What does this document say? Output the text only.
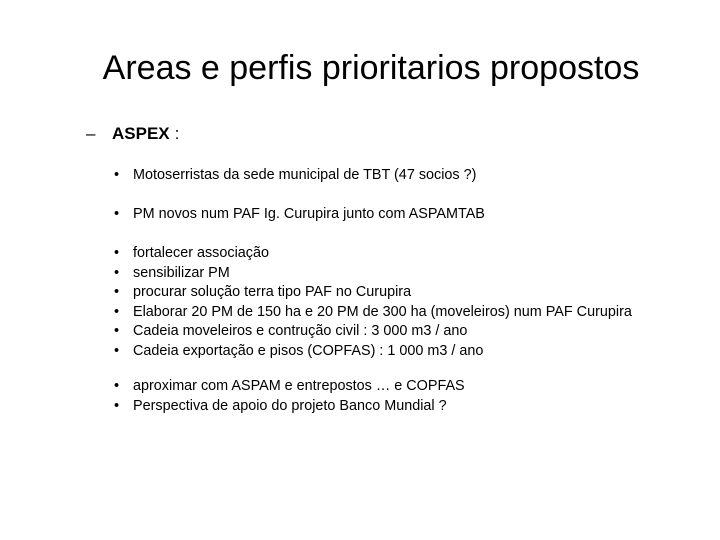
Areas e perfis prioritarios propostos
– ASPEX :
• Motoserristas da sede municipal de TBT (47 socios ?)
• PM novos num PAF Ig. Curupira junto com ASPAMTAB
• fortalecer associação
• sensibilizar PM
• procurar solução terra tipo PAF no Curupira
• Elaborar 20 PM de 150 ha e 20 PM de 300 ha (moveleiros) num PAF Curupira
• Cadeia moveleiros e contrução civil : 3 000 m3 / ano
• Cadeia exportação e pisos (COPFAS) : 1 000 m3 / ano
• aproximar com ASPAM e entrepostos … e COPFAS
• Perspectiva de apoio do projeto Banco Mundial ?
